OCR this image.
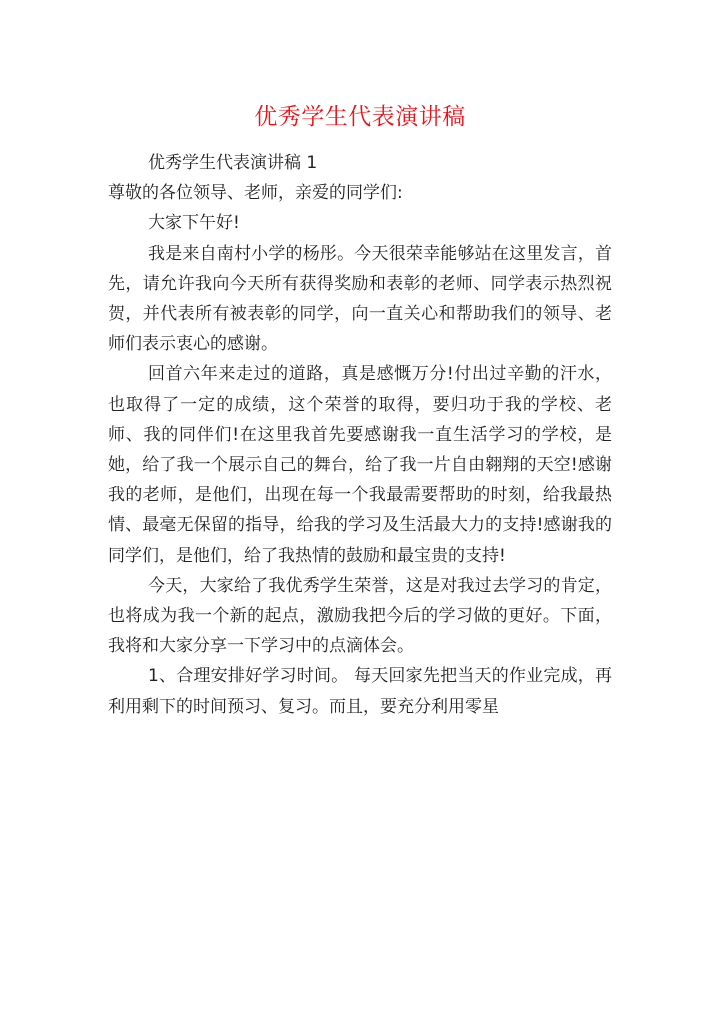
优秀学生代表演讲稿

优秀学生代表演讲稿 1

尊敬的各位领导、老师，亲爱的同学们:

大家下午好!

我是来自南村小学的杨彤。今天很荣幸能够站在这里发言，首先，请允许我向今天所有获得奖励和表彰的老师、同学表示热烈祝贺，并代表所有被表彰的同学，向一直关心和帮助我们的领导、老师们表示衷心的感谢。

回首六年来走过的道路，真是感慨万分!付出过辛勤的汗水，也取得了一定的成绩，这个荣誉的取得，要归功于我的学校、老师、我的同伴们!在这里我首先要感谢我一直生活学习的学校，是她，给了我一个展示自己的舞台，给了我一片自由翱翔的天空!感谢我的老师，是他们，出现在每一个我最需要帮助的时刻，给我最热情、最毫无保留的指导，给我的学习及生活最大力的支持!感谢我的同学们，是他们，给了我热情的鼓励和最宝贵的支持!

今天，大家给了我优秀学生荣誉，这是对我过去学习的肯定，也将成为我一个新的起点，激励我把今后的学习做的更好。下面，我将和大家分享一下学习中的点滴体会。

1、合理安排好学习时间。 每天回家先把当天的作业完成，再利用剩下的时间预习、复习。而且，要充分利用零星
